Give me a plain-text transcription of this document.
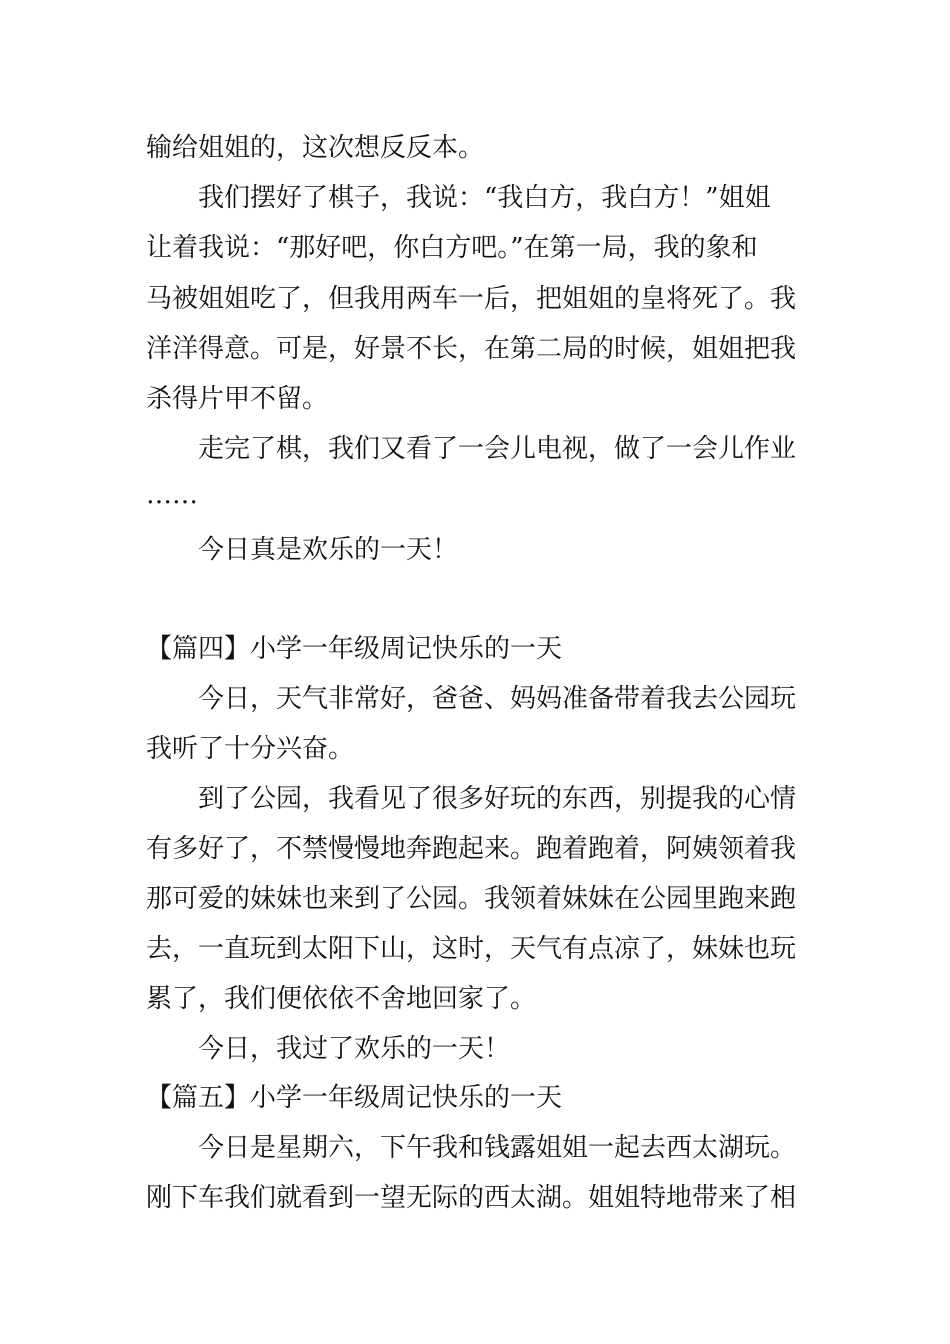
输给姐姐的，这次想反反本。
我们摆好了棋子，我说：“我白方，我白方！”姐姐
让着我说：“那好吧，你白方吧。”在第一局，我的象和
马被姐姐吃了，但我用两车一后，把姐姐的皇将死了。我
洋洋得意。可是，好景不长，在第二局的时候，姐姐把我
杀得片甲不留。
走完了棋，我们又看了一会儿电视，做了一会儿作业
……
今日真是欢乐的一天！
【篇四】小学一年级周记快乐的一天
今日，天气非常好，爸爸、妈妈准备带着我去公园玩
我听了十分兴奋。
到了公园，我看见了很多好玩的东西，别提我的心情
有多好了，不禁慢慢地奔跑起来。跑着跑着，阿姨领着我
那可爱的妹妹也来到了公园。我领着妹妹在公园里跑来跑
去，一直玩到太阳下山，这时，天气有点凉了，妹妹也玩
累了，我们便依依不舍地回家了。
今日，我过了欢乐的一天！
【篇五】小学一年级周记快乐的一天
今日是星期六，下午我和钱露姐姐一起去西太湖玩。
刚下车我们就看到一望无际的西太湖。姐姐特地带来了相
